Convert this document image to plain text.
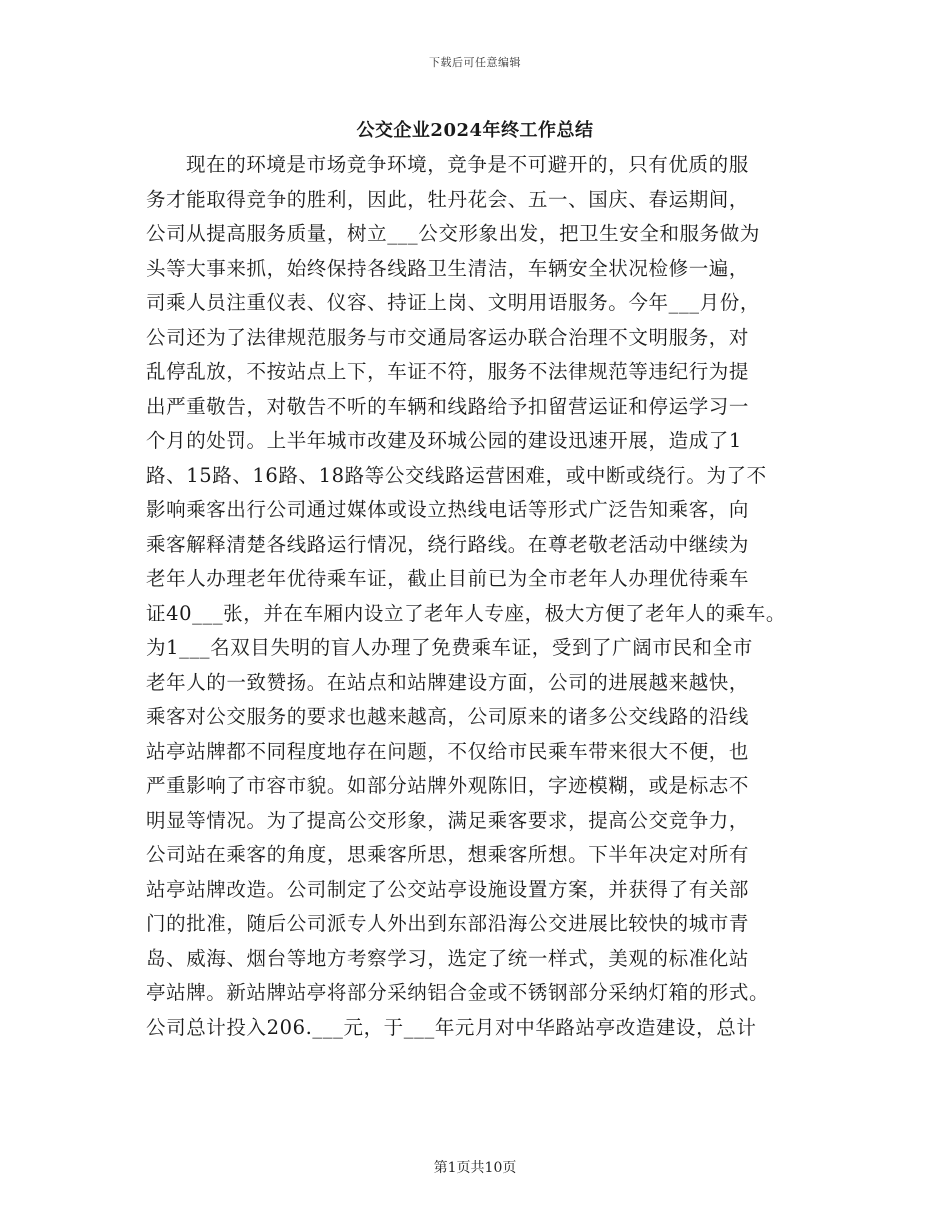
下载后可任意编辑
公交企业2024年终工作总结
现在的环境是市场竞争环境，竞争是不可避开的，只有优质的服
务才能取得竞争的胜利，因此，牡丹花会、五一、国庆、春运期间，
公司从提高服务质量，树立___公交形象出发，把卫生安全和服务做为
头等大事来抓，始终保持各线路卫生清洁，车辆安全状况检修一遍，
司乘人员注重仪表、仪容、持证上岗、文明用语服务。今年___月份，
公司还为了法律规范服务与市交通局客运办联合治理不文明服务，对
乱停乱放，不按站点上下，车证不符，服务不法律规范等违纪行为提
出严重敬告，对敬告不听的车辆和线路给予扣留营运证和停运学习一
个月的处罚。上半年城市改建及环城公园的建设迅速开展，造成了1
路、15路、16路、18路等公交线路运营困难，或中断或绕行。为了不
影响乘客出行公司通过媒体或设立热线电话等形式广泛告知乘客，向
乘客解释清楚各线路运行情况，绕行路线。在尊老敬老活动中继续为
老年人办理老年优待乘车证，截止目前已为全市老年人办理优待乘车
证40___张，并在车厢内设立了老年人专座，极大方便了老年人的乘车。
为1___名双目失明的盲人办理了免费乘车证，受到了广阔市民和全市
老年人的一致赞扬。在站点和站牌建设方面，公司的进展越来越快，
乘客对公交服务的要求也越来越高，公司原来的诸多公交线路的沿线
站亭站牌都不同程度地存在问题，不仅给市民乘车带来很大不便，也
严重影响了市容市貌。如部分站牌外观陈旧，字迹模糊，或是标志不
明显等情况。为了提高公交形象，满足乘客要求，提高公交竞争力，
公司站在乘客的角度，思乘客所思，想乘客所想。下半年决定对所有
站亭站牌改造。公司制定了公交站亭设施设置方案，并获得了有关部
门的批准，随后公司派专人外出到东部沿海公交进展比较快的城市青
岛、威海、烟台等地方考察学习，选定了统一样式，美观的标准化站
亭站牌。新站牌站亭将部分采纳铝合金或不锈钢部分采纳灯箱的形式。
公司总计投入206.___元，于___年元月对中华路站亭改造建设，总计
第1页共10页
